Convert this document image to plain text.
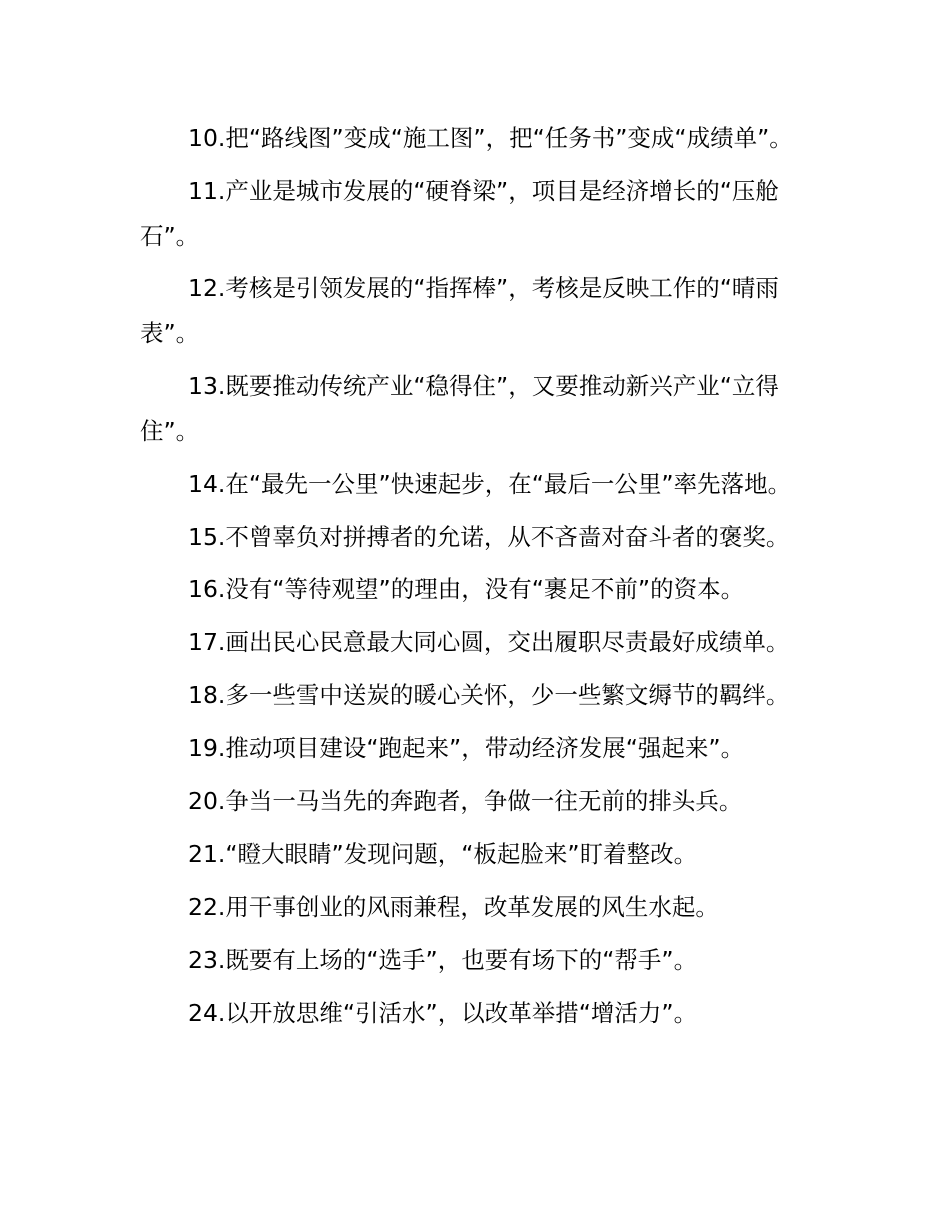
10.把“路线图”变成“施工图”，把“任务书”变成“成绩单”。

11.产业是城市发展的“硬脊梁”，项目是经济增长的“压舱石”。

12.考核是引领发展的“指挥棒”，考核是反映工作的“晴雨表”。

13.既要推动传统产业“稳得住”，又要推动新兴产业“立得住”。

14.在“最先一公里”快速起步，在“最后一公里”率先落地。

15.不曾辜负对拼搏者的允诺，从不吝啬对奋斗者的褒奖。

16.没有“等待观望”的理由，没有“裹足不前”的资本。

17.画出民心民意最大同心圆，交出履职尽责最好成绩单。

18.多一些雪中送炭的暖心关怀，少一些繁文缛节的羁绊。

19.推动项目建设“跑起来”，带动经济发展“强起来”。

20.争当一马当先的奔跑者，争做一往无前的排头兵。

21.“瞪大眼睛”发现问题，“板起脸来”盯着整改。

22.用干事创业的风雨兼程，改革发展的风生水起。

23.既要有上场的“选手”，也要有场下的“帮手”。

24.以开放思维“引活水”，以改革举措“增活力”。
